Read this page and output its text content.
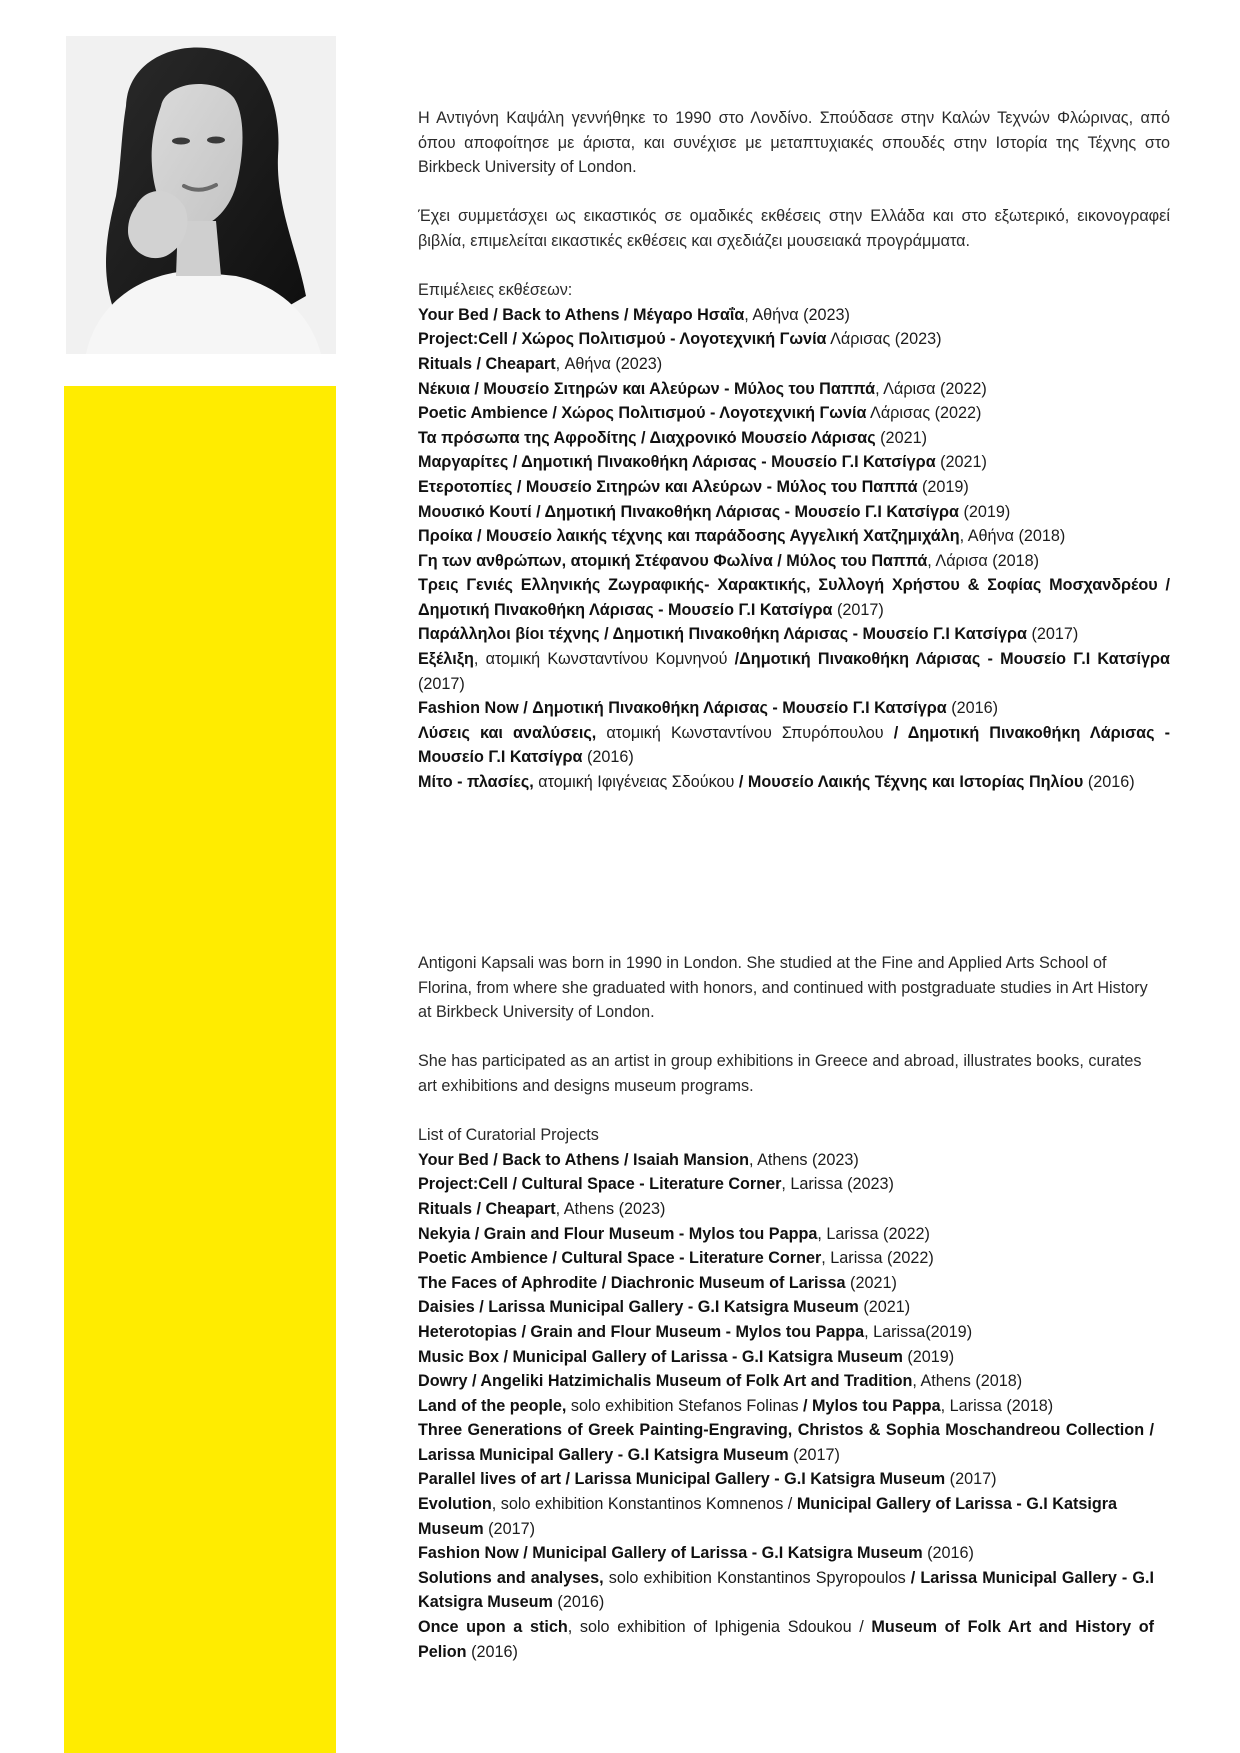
Η Αντιγόνη Καψάλη γεννήθηκε το 1990 στο Λονδίνο. Σπούδασε στην Καλών Τεχνών Φλώρινας, από όπου αποφοίτησε με άριστα, και συνέχισε με μεταπτυχιακές σπουδές στην Ιστορία της Τέχνης στο Birkbeck University of London.

Έχει συμμετάσχει ως εικαστικός σε ομαδικές εκθέσεις στην Ελλάδα και στο εξωτερικό, εικονογραφεί βιβλία, επιμελείται εικαστικές εκθέσεις και σχεδιάζει μουσειακά προγράμματα.

Επιμέλειες εκθέσεων:

Your Bed / Back to Athens / Μέγαρο Ησαΐα, Αθήνα (2023)
Project:Cell / Χώρος Πολιτισμού - Λογοτεχνική Γωνία Λάρισας (2023)
Rituals / Cheapart, Αθήνα (2023)
Νέκυια / Μουσείο Σιτηρών και Αλεύρων - Μύλος του Παππά, Λάρισα (2022)
Poetic Ambience / Χώρος Πολιτισμού - Λογοτεχνική Γωνία Λάρισας (2022)
Τα πρόσωπα της Αφροδίτης / Διαχρονικό Μουσείο Λάρισας (2021)
Μαργαρίτες / Δημοτική Πινακοθήκη Λάρισας - Μουσείο Γ.Ι Κατσίγρα (2021)
Ετεροτοπίες / Μουσείο Σιτηρών και Αλεύρων - Μύλος του Παππά (2019)
Μουσικό Κουτί / Δημοτική Πινακοθήκη Λάρισας - Μουσείο Γ.Ι Κατσίγρα (2019)
Προίκα / Μουσείο λαικής τέχνης και παράδοσης Αγγελική Χατζημιχάλη, Αθήνα (2018)
Γη των ανθρώπων, ατομική Στέφανου Φωλίνα / Μύλος του Παππά, Λάρισα (2018)
Τρεις Γενιές Ελληνικής Ζωγραφικής- Χαρακτικής, Συλλογή Χρήστου & Σοφίας Μοσχανδρέου / Δημοτική Πινακοθήκη Λάρισας - Μουσείο Γ.Ι Κατσίγρα (2017)
Παράλληλοι βίοι τέχνης / Δημοτική Πινακοθήκη Λάρισας - Μουσείο Γ.Ι Κατσίγρα (2017)
Εξέλιξη, ατομική Κωνσταντίνου Κομνηνού /Δημοτική Πινακοθήκη Λάρισας - Μουσείο Γ.Ι Κατσίγρα (2017)
Fashion Now / Δημοτική Πινακοθήκη Λάρισας - Μουσείο Γ.Ι Κατσίγρα (2016)
Λύσεις και αναλύσεις, ατομική Κωνσταντίνου Σπυρόπουλου / Δημοτική Πινακοθήκη Λάρισας - Μουσείο Γ.Ι Κατσίγρα (2016)
Μίτο - πλασίες, ατομική Ιφιγένειας Σδούκου / Μουσείο Λαικής Τέχνης και Ιστορίας Πηλίου (2016)

Antigoni Kapsali was born in 1990 in London. She studied at the Fine and Applied Arts School of Florina, from where she graduated with honors, and continued with postgraduate studies in Art History at Birkbeck University of London.

She has participated as an artist in group exhibitions in Greece and abroad, illustrates books, curates art exhibitions and designs museum programs.

List of Curatorial Projects

Your Bed / Back to Athens / Isaiah Mansion, Athens (2023)
Project:Cell / Cultural Space - Literature Corner, Larissa (2023)
Rituals / Cheapart, Athens (2023)
Nekyia / Grain and Flour Museum - Mylos tou Pappa, Larissa (2022)
Poetic Ambience / Cultural Space - Literature Corner, Larissa (2022)
The Faces of Aphrodite / Diachronic Museum of Larissa (2021)
Daisies / Larissa Municipal Gallery - G.I Katsigra Museum (2021)
Heterotopias / Grain and Flour Museum - Mylos tou Pappa, Larissa(2019)
Music Box / Municipal Gallery of Larissa - G.I Katsigra Museum (2019)
Dowry / Angeliki Hatzimichalis Museum of Folk Art and Tradition, Athens (2018)
Land of the people, solo exhibition Stefanos Folinas / Mylos tou Pappa, Larissa (2018)
Three Generations of Greek Painting-Engraving, Christos & Sophia Moschandreou Collection / Larissa Municipal Gallery - G.I Katsigra Museum (2017)
Parallel lives of art / Larissa Municipal Gallery - G.I Katsigra Museum (2017)
Evolution, solo exhibition Konstantinos Komnenos / Municipal Gallery of Larissa - G.I Katsigra Museum (2017)
Fashion Now / Municipal Gallery of Larissa - G.I Katsigra Museum (2016)
Solutions and analyses, solo exhibition Konstantinos Spyropoulos / Larissa Municipal Gallery - G.I Katsigra Museum (2016)
Once upon a stich, solo exhibition of Iphigenia Sdoukou / Museum of Folk Art and History of Pelion (2016)
